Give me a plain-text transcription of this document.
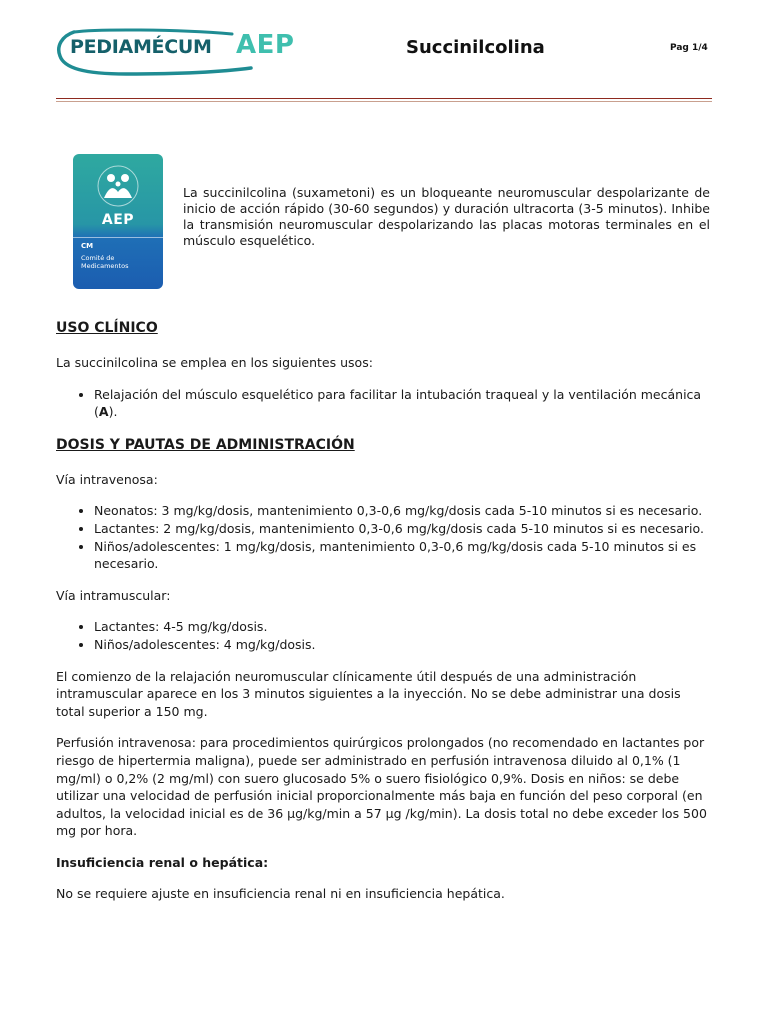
PEDIAMÉCUM AEP	Succinilcolina	Pag 1/4
AEP
CM
Comité de Medicamentos
La succinilcolina (suxametoni) es un bloqueante neuromuscular despolarizante de inicio de acción rápido (30-60 segundos) y duración ultracorta (3-5 minutos). Inhibe la transmisión neuromuscular despolarizando las placas motoras terminales en el músculo esquelético.
USO CLÍNICO

La succinilcolina se emplea en los siguientes usos:

• Relajación del músculo esquelético para facilitar la intubación traqueal y la ventilación mecánica (A).
DOSIS Y PAUTAS DE ADMINISTRACIÓN

Vía intravenosa:

• Neonatos: 3 mg/kg/dosis, mantenimiento 0,3-0,6 mg/kg/dosis cada 5-10 minutos si es necesario.
• Lactantes: 2 mg/kg/dosis, mantenimiento 0,3-0,6 mg/kg/dosis cada 5-10 minutos si es necesario.
• Niños/adolescentes: 1 mg/kg/dosis, mantenimiento 0,3-0,6 mg/kg/dosis cada 5-10 minutos si es necesario.

Vía intramuscular:

• Lactantes: 4-5 mg/kg/dosis.
• Niños/adolescentes: 4 mg/kg/dosis.

El comienzo de la relajación neuromuscular clínicamente útil después de una administración intramuscular aparece en los 3 minutos siguientes a la inyección. No se debe administrar una dosis total superior a 150 mg.

Perfusión intravenosa: para procedimientos quirúrgicos prolongados (no recomendado en lactantes por riesgo de hipertermia maligna), puede ser administrado en perfusión intravenosa diluido al 0,1% (1 mg/ml) o 0,2% (2 mg/ml) con suero glucosado 5% o suero fisiológico 0,9%. Dosis en niños: se debe utilizar una velocidad de perfusión inicial proporcionalmente más baja en función del peso corporal (en adultos, la velocidad inicial es de 36 µg/kg/min a 57 µg /kg/min). La dosis total no debe exceder los 500 mg por hora.

Insuficiencia renal o hepática:

No se requiere ajuste en insuficiencia renal ni en insuficiencia hepática.
